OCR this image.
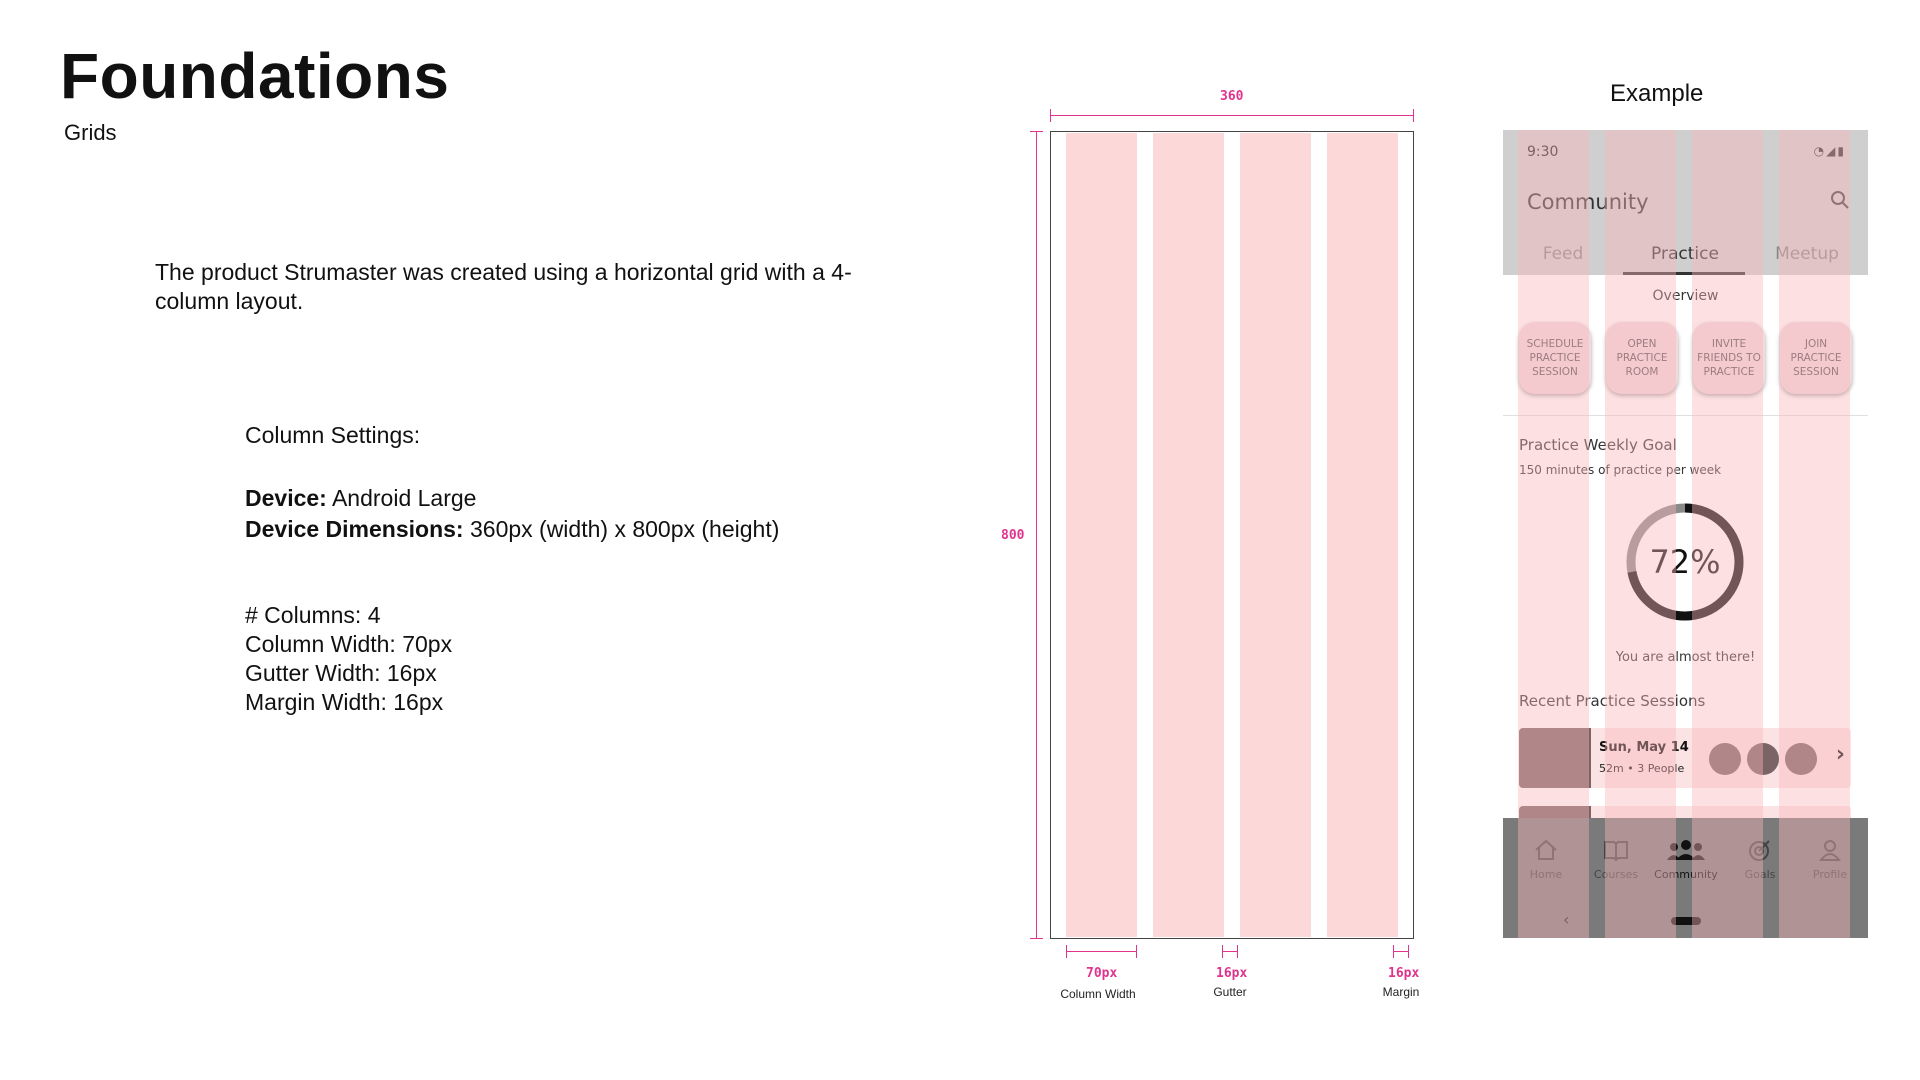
Foundations
Grids
The product Strumaster was created using a horizontal grid with a 4-column layout.
Column Settings:
Device: Android Large
Device Dimensions: 360px (width) x 800px (height)
# Columns: 4
Column Width: 70px
Gutter Width: 16px
Margin Width: 16px
360
800
70px
Column Width
16px
Gutter
16px
Margin
Example
9:30	◔◢▮
Community
Feed	Practice	Meetup
Overview
SCHEDULE PRACTICE SESSION
OPEN PRACTICE ROOM
INVITE FRIENDS TO PRACTICE
JOIN PRACTICE SESSION
Practice Weekly Goal
150 minutes of practice per week
72%
You are almost there!
Recent Practice Sessions
Sun, May 14
52m • 3 People
›
Home	Courses	Community	Goals	Profile
‹
